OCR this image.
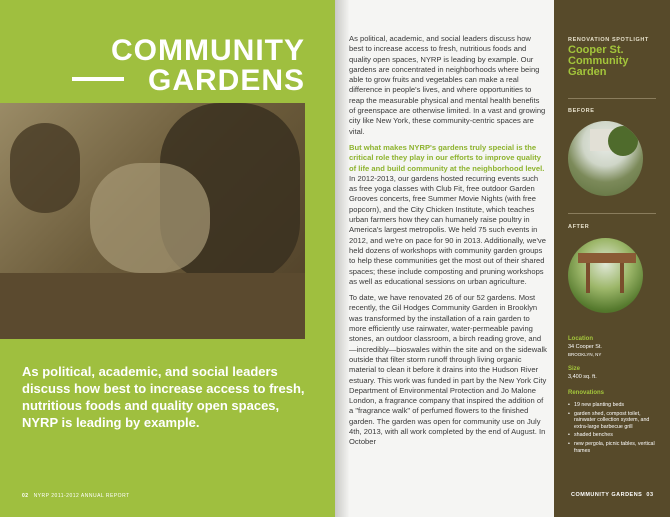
COMMUNITY
GARDENS
As political, academic, and social leaders discuss how best to increase access to fresh, nutritious foods and quality open spaces, NYRP is leading by example.
02 NYRP 2011-2012 ANNUAL REPORT

As political, academic, and social leaders discuss how best to increase access to fresh, nutritious foods and quality open spaces, NYRP is leading by example. Our gardens are concentrated in neighborhoods where being able to grow fruits and vegetables can make a real difference in people's lives, and where opportunities to reap the measurable physical and mental health benefits of greenspace are otherwise limited. In a vast and growing city like New York, these community-centric spaces are vital.

But what makes NYRP's gardens truly special is the critical role they play in our efforts to improve quality of life and build community at the neighborhood level. In 2012-2013, our gardens hosted recurring events such as free yoga classes with Club Fit, free outdoor Garden Grooves concerts, free Summer Movie Nights (with free popcorn), and the City Chicken Institute, which teaches urban farmers how they can humanely raise poultry in America's largest metropolis. We held 75 such events in 2012, and we're on pace for 90 in 2013. Additionally, we've held dozens of workshops with community garden groups to help these communities get the most out of their shared spaces; these include composting and pruning workshops as well as educational sessions on urban agriculture.

To date, we have renovated 26 of our 52 gardens. Most recently, the Gil Hodges Community Garden in Brooklyn was transformed by the installation of a rain garden to more efficiently use rainwater, water-permeable paving stones, an outdoor classroom, a birch reading grove, and—incredibly—bioswales within the site and on the sidewalk outside that filter storm runoff through living organic material to clean it before it drains into the Hudson River estuary. This work was funded in part by the New York City Department of Environmental Protection and Jo Malone London, a fragrance company that inspired the addition of a "fragrance walk" of perfumed flowers to the finished garden. The garden was open for community use on July 4th, 2013, with all work completed by the end of August. In October

RENOVATION SPOTLIGHT
Cooper St. Community Garden
BEFORE
AFTER
Location
34 Cooper St.
BROOKLYN, NY
Size
3,400 sq. ft.
Renovations
• 19 new planting beds
• garden shed, compost toilet, rainwater collection system, and extra-large barbecue grill
• shaded benches
• new pergola, picnic tables, vertical frames
COMMUNITY GARDENS 03
